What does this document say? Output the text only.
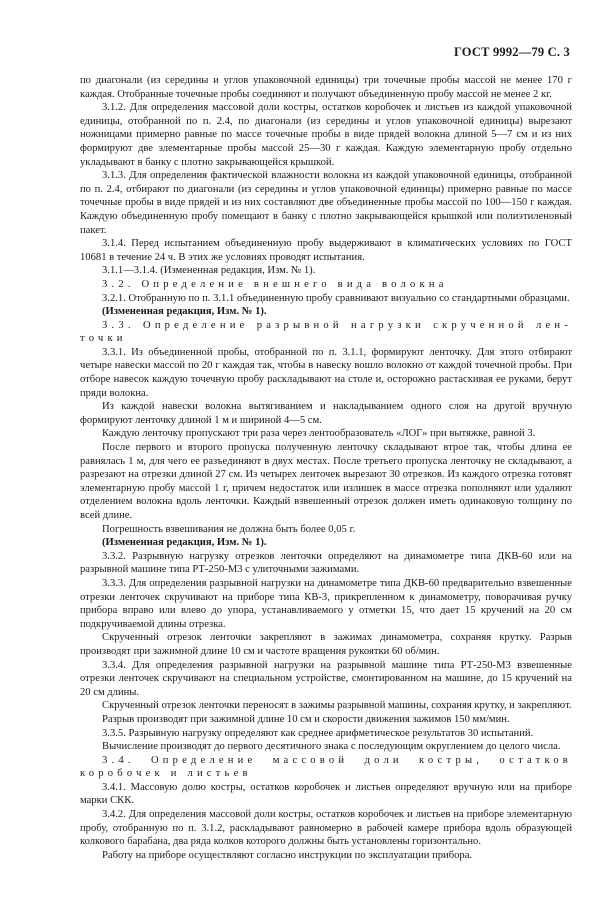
ГОСТ 9992—79 С. 3

по диагонали (из середины и углов упаковочной единицы) три точечные пробы массой не менее 170 г каждая. Отобранные точечные пробы соединяют и получают объединенную пробу массой не менее 2 кг.

3.1.2. Для определения массовой доли костры, остатков коробочек и листьев из каждой упаковочной единицы, отобранной по п. 2.4, по диагонали (из середины и углов упаковочной единицы) вырезают ножницами примерно равные по массе точечные пробы в виде прядей волокна длиной 5—7 см и из них формируют две элементарные пробы массой 25—30 г каждая. Каждую элементарную пробу отдельно укладывают в банку с плотно закрывающейся крышкой.

3.1.3. Для определения фактической влажности волокна из каждой упаковочной единицы, отобранной по п. 2.4, отбирают по диагонали (из середины и углов упаковочной единицы) примерно равные по массе точечные пробы в виде прядей и из них составляют две объединенные пробы массой по 100—150 г каждая. Каждую объединенную пробу помещают в банку с плотно закрывающейся крышкой или полиэтиленовый пакет.

3.1.4. Перед испытанием объединенную пробу выдерживают в климатических условиях по ГОСТ 10681 в течение 24 ч. В этих же условиях проводят испытания.

3.1.1—3.1.4. (Измененная редакция, Изм. № 1).

3.2. Определение внешнего вида волокна

3.2.1. Отобранную по п. 3.1.1 объединенную пробу сравнивают визуально со стандартными образцами.

(Измененная редакция, Изм. № 1).

3.3. Определение разрывной нагрузки скрученной лен-точки

3.3.1. Из объединенной пробы, отобранной по п. 3.1.1, формируют ленточку. Для этого отбирают четыре навески массой по 20 г каждая так, чтобы в навеску вошло волокно от каждой точечной пробы. При отборе навесок каждую точечную пробу раскладывают на столе и, осторожно растаскивая ее руками, берут пряди волокна.

Из каждой навески волокна вытягиванием и накладыванием одного слоя на другой вручную формируют ленточку длиной 1 м и шириной 4—5 см.

Каждую ленточку пропускают три раза через лентообразователь «ЛОГ» при вытяжке, равной 3.

После первого и второго пропуска полученную ленточку складывают втрое так, чтобы длина ее равнялась 1 м, для чего ее разъединяют в двух местах. После третьего пропуска ленточку не складывают, а разрезают на отрезки длиной 27 см. Из четырех ленточек вырезают 30 отрезков. Из каждого отрезка готовят элементарную пробу массой 1 г, причем недостаток или излишек в массе отрезка пополняют или удаляют отделением волокна вдоль ленточки. Каждый взвешенный отрезок должен иметь одинаковую толщину по всей длине.

Погрешность взвешивания не должна быть более 0,05 г.

(Измененная редакция, Изм. № 1).

3.3.2. Разрывную нагрузку отрезков ленточки определяют на динамометре типа ДКВ-60 или на разрывной машине типа РТ-250-М3 с улиточными зажимами.

3.3.3. Для определения разрывной нагрузки на динамометре типа ДКВ-60 предварительно взвешенные отрезки ленточек скручивают на приборе типа КВ-3, прикрепленном к динамометру, поворачивая ручку прибора вправо или влево до упора, устанавливаемого у отметки 15, что дает 15 кручений на 20 см подкручиваемой длины отрезка.

Скрученный отрезок ленточки закрепляют в зажимах динамометра, сохраняя крутку. Разрыв производят при зажимной длине 10 см и частоте вращения рукоятки 60 об/мин.

3.3.4. Для определения разрывной нагрузки на разрывной машине типа РТ-250-М3 взвешенные отрезки ленточек скручивают на специальном устройстве, смонтированном на машине, до 15 кручений на 20 см длины.

Скрученный отрезок ленточки переносят в зажимы разрывной машины, сохраняя крутку, и закрепляют.

Разрыв производят при зажимной длине 10 см и скорости движения зажимов 150 мм/мин.

3.3.5. Разрывную нагрузку определяют как среднее арифметическое результатов 30 испытаний.

Вычисление производят до первого десятичного знака с последующим округлением до целого числа.

3.4. Определение массовой доли костры, остатков коробочек и листьев

3.4.1. Массовую долю костры, остатков коробочек и листьев определяют вручную или на приборе марки СКК.

3.4.2. Для определения массовой доли костры, остатков коробочек и листьев на приборе элементарную пробу, отобранную по п. 3.1.2, раскладывают равномерно в рабочей камере прибора вдоль образующей колкового барабана, два ряда колков которого должны быть установлены горизонтально.

Работу на приборе осуществляют согласно инструкции по эксплуатации прибора.
